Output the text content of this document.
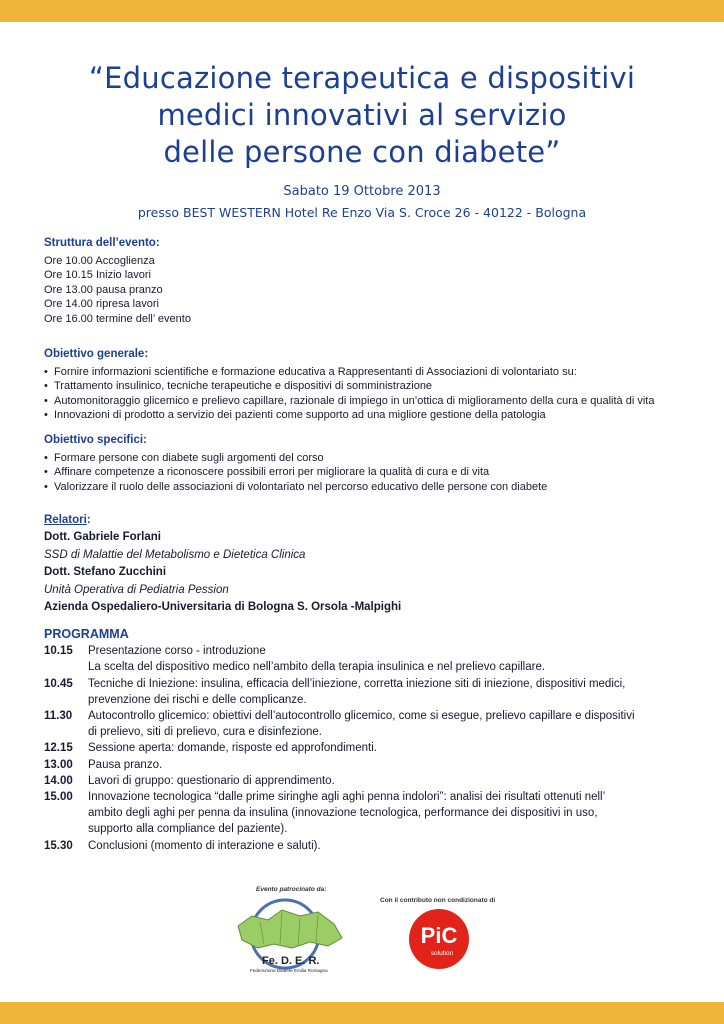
“Educazione terapeutica e dispositivi
medici innovativi al servizio
delle persone con diabete”
Sabato 19 Ottobre 2013
presso BEST WESTERN Hotel Re Enzo Via S. Croce 26 - 40122 - Bologna
Struttura dell’evento:
Ore 10.00 Accoglienza
Ore 10.15 Inizio lavori
Ore 13.00 pausa pranzo
Ore 14.00 ripresa lavori
Ore 16.00 termine dell’ evento
Obiettivo generale:
• Fornire informazioni scientifiche e formazione educativa a Rappresentanti di Associazioni di volontariato su:
• Trattamento insulinico, tecniche terapeutiche e dispositivi di somministrazione
• Automonitoraggio glicemico e prelievo capillare, razionale di impiego in un’ottica di miglioramento della cura e qualità di vita
• Innovazioni di prodotto a servizio dei pazienti come supporto ad una migliore gestione della patologia
Obiettivo specifici:
• Formare persone con diabete sugli argomenti del corso
• Affinare competenze a riconoscere possibili errori per migliorare la qualità di cura e di vita
• Valorizzare il ruolo delle associazioni di volontariato nel percorso educativo delle persone con diabete
Relatori:
Dott. Gabriele Forlani
SSD di Malattie del Metabolismo e Dietetica Clinica
Dott. Stefano Zucchini
Unità Operativa di Pediatria Pession
Azienda Ospedaliero-Universitaria di Bologna S. Orsola -Malpighi
PROGRAMMA
10.15	Presentazione corso - introduzione
La scelta del dispositivo medico nell’ambito della terapia insulinica e nel prelievo capillare.
10.45	Tecniche di Iniezione: insulina, efficacia dell’iniezione, corretta iniezione siti di iniezione, dispositivi medici,
prevenzione dei rischi e delle complicanze.
11.30	Autocontrollo glicemico: obiettivi dell’autocontrollo glicemico, come si esegue, prelievo capillare e dispositivi
di prelievo, siti di prelievo, cura e disinfezione.
12.15	Sessione aperta: domande, risposte ed approfondimenti.
13.00	Pausa pranzo.
14.00	Lavori di gruppo: questionario di apprendimento.
15.00	Innovazione tecnologica “dalle prime siringhe agli aghi penna indolori”: analisi dei risultati ottenuti nell’
ambito degli aghi per penna da insulina (innovazione tecnologica, performance dei dispositivi in uso,
supporto alla compliance del paziente).
15.30	Conclusioni (momento di interazione e saluti).
Evento patrocinato da:
Fe. D. E. R.
Federazione Diabete Emilia Romagna
Con il contributo non condizionato di
PiC
solution
